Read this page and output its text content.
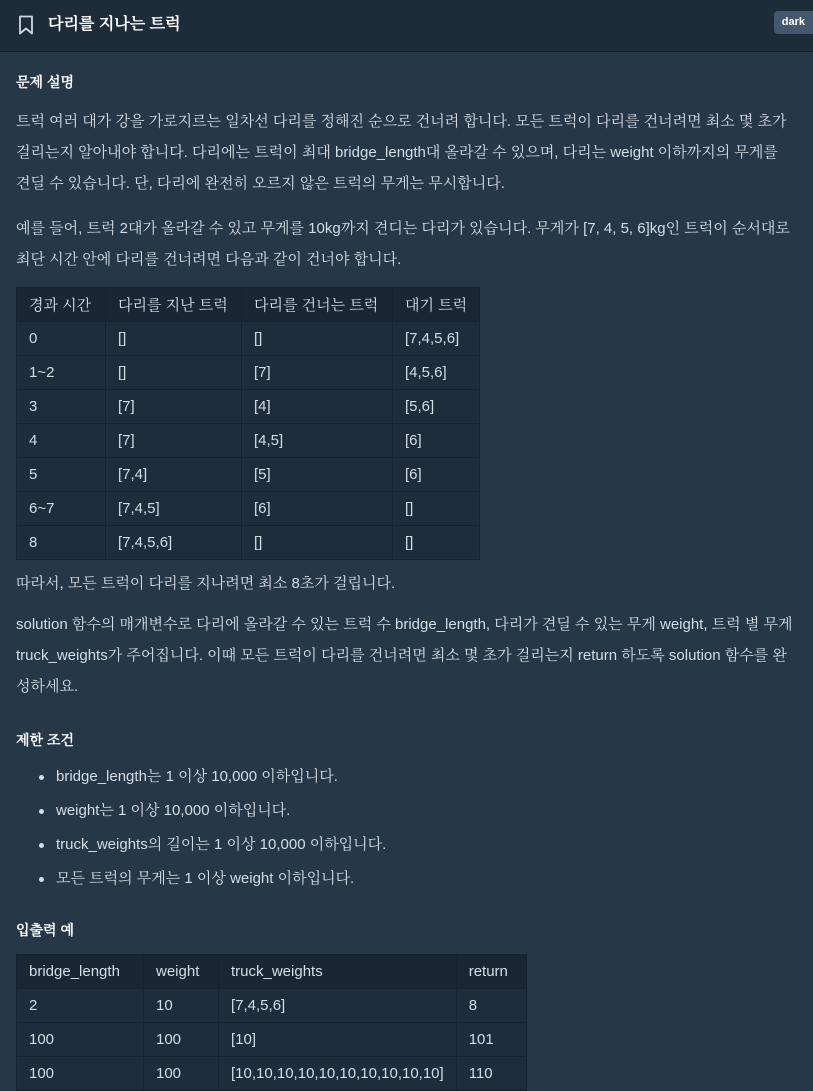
다리를 지나는 트럭	dark
문제 설명

트럭 여러 대가 강을 가로지르는 일차선 다리를 정해진 순으로 건너려 합니다. 모든 트럭이 다리를 건너려면 최소 몇 초가 걸리는지 알아내야 합니다. 다리에는 트럭이 최대 bridge_length대 올라갈 수 있으며, 다리는 weight 이하까지의 무게를 견딜 수 있습니다. 단, 다리에 완전히 오르지 않은 트럭의 무게는 무시합니다.

예를 들어, 트럭 2대가 올라갈 수 있고 무게를 10kg까지 견디는 다리가 있습니다. 무게가 [7, 4, 5, 6]kg인 트럭이 순서대로 최단 시간 안에 다리를 건너려면 다음과 같이 건너야 합니다.

경과 시간	다리를 지난 트럭	다리를 건너는 트럭	대기 트럭
0	[]	[]	[7,4,5,6]
1~2	[]	[7]	[4,5,6]
3	[7]	[4]	[5,6]
4	[7]	[4,5]	[6]
5	[7,4]	[5]	[6]
6~7	[7,4,5]	[6]	[]
8	[7,4,5,6]	[]	[]

따라서, 모든 트럭이 다리를 지나려면 최소 8초가 걸립니다.

solution 함수의 매개변수로 다리에 올라갈 수 있는 트럭 수 bridge_length, 다리가 견딜 수 있는 무게 weight, 트럭 별 무게 truck_weights가 주어집니다. 이때 모든 트럭이 다리를 건너려면 최소 몇 초가 걸리는지 return 하도록 solution 함수를 완성하세요.

제한 조건
bridge_length는 1 이상 10,000 이하입니다.
weight는 1 이상 10,000 이하입니다.
truck_weights의 길이는 1 이상 10,000 이하입니다.
모든 트럭의 무게는 1 이상 weight 이하입니다.
입출력 예
bridge_length	weight	truck_weights	return
2	10	[7,4,5,6]	8
100	100	[10]	101
100	100	[10,10,10,10,10,10,10,10,10,10]	110
